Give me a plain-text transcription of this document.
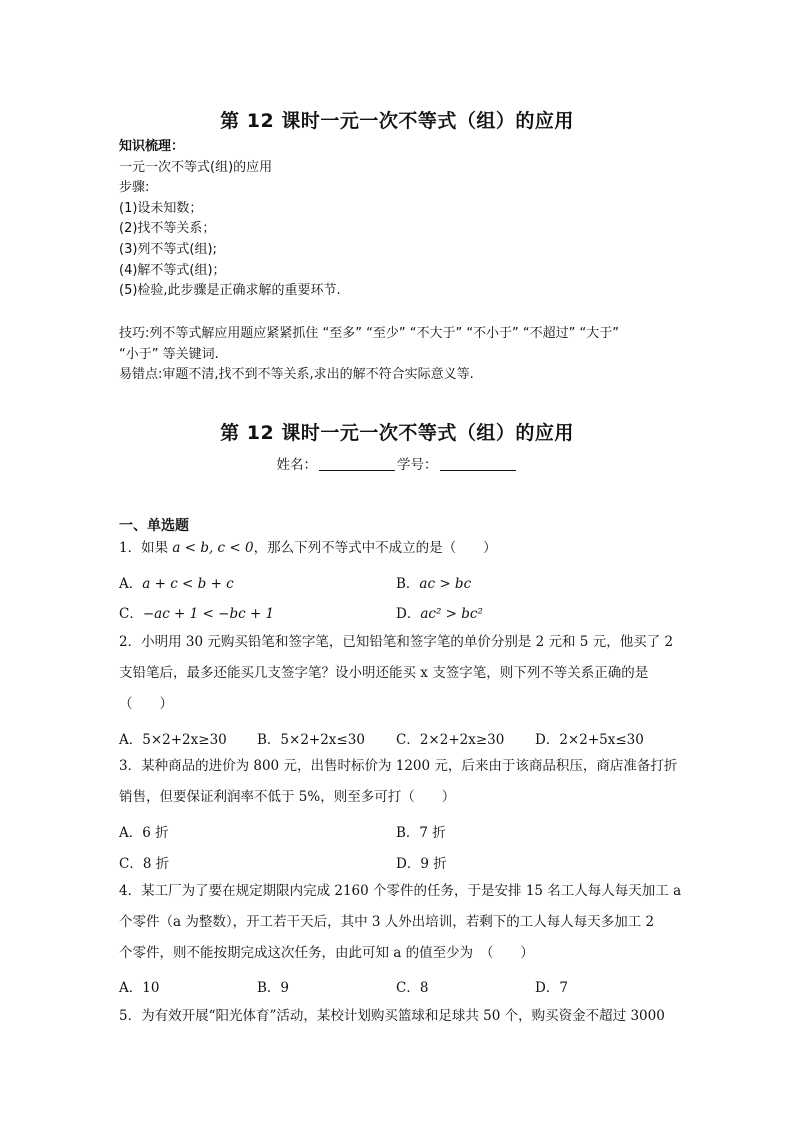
第 12 课时一元一次不等式（组）的应用
知识梳理：
一元一次不等式(组)的应用
步骤:
(1)设未知数；
(2)找不等关系；
(3)列不等式(组);
(4)解不等式(组)；
(5)检验,此步骤是正确求解的重要环节.
技巧:列不等式解应用题应紧紧抓住 “至多” “至少” “不大于” “不小于” “不超过” “大于”
“小于” 等关键词.
易错点:审题不清,找不到不等关系,求出的解不符合实际意义等.
第 12 课时一元一次不等式（组）的应用
姓名：	学号：
一、单选题
1．如果 a < b, c < 0，那么下列不等式中不成立的是（　　）
A．a + c < b + c	B．ac > bc
C．−ac + 1 < −bc + 1	D．ac² > bc²
2．小明用 30 元购买铅笔和签字笔，已知铅笔和签字笔的单价分别是 2 元和 5 元，他买了 2
支铅笔后，最多还能买几支签字笔？设小明还能买 x 支签字笔，则下列不等关系正确的是
（　　）
A．5×2+2x≥30 B．5×2+2x≤30 C．2×2+2x≥30 D．2×2+5x≤30
3．某种商品的进价为 800 元，出售时标价为 1200 元，后来由于该商品积压，商店准备打折
销售，但要保证利润率不低于 5%，则至多可打（　　）
A．6 折	B．7 折
C．8 折	D．9 折
4．某工厂为了要在规定期限内完成 2160 个零件的任务，于是安排 15 名工人每人每天加工 a
个零件（a 为整数），开工若干天后，其中 3 人外出培训，若剩下的工人每人每天多加工 2
个零件，则不能按期完成这次任务，由此可知 a 的值至少为　（　　）
A．10	B．9	C．8	D．7
5．为有效开展“阳光体育”活动，某校计划购买篮球和足球共 50 个，购买资金不超过 3000
